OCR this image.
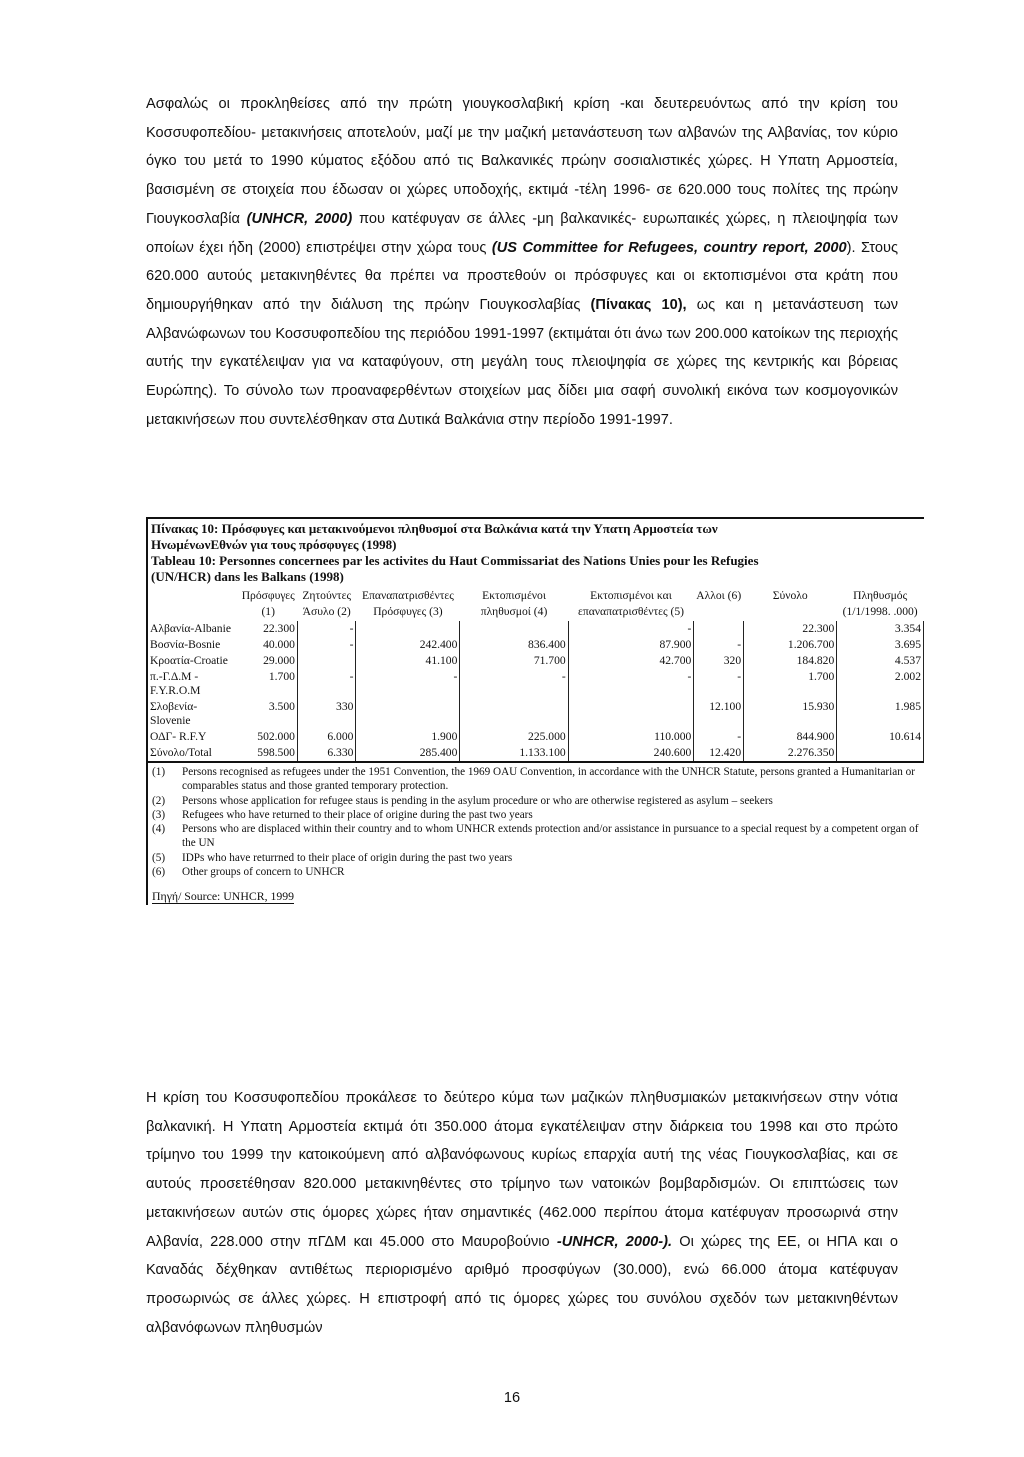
Ασφαλώς οι προκληθείσες από την πρώτη γιουγκοσλαβική κρίση -και δευτερευόντως από την κρίση του Κοσσυφοπεδίου- μετακινήσεις αποτελούν, μαζί με την μαζική μετανάστευση των αλβανών της Αλβανίας, τον κύριο όγκο του μετά το 1990 κύματος εξόδου από τις Βαλκανικές πρώην σοσιαλιστικές χώρες. Η Υπατη Αρμοστεία, βασισμένη σε στοιχεία που έδωσαν οι χώρες υποδοχής, εκτιμά -τέλη 1996- σε 620.000 τους πολίτες της πρώην Γιουγκοσλαβία (UNHCR, 2000) που κατέφυγαν σε άλλες -μη βαλκανικές- ευρωπαικές χώρες, η πλειοψηφία των οποίων έχει ήδη (2000) επιστρέψει στην χώρα τους (US Committee for Refugees, country report, 2000). Στους 620.000 αυτούς μετακινηθέντες θα πρέπει να προστεθούν οι πρόσφυγες και οι εκτοπισμένοι στα κράτη που δημιουργήθηκαν από την διάλυση της πρώην Γιουγκοσλαβίας (Πίνακας 10), ως και η μετανάστευση των Αλβανώφωνων του Κοσσυφοπεδίου της περιόδου 1991-1997 (εκτιμάται ότι άνω των 200.000 κατοίκων της περιοχής αυτής την εγκατέλειψαν για να καταφύγουν, στη μεγάλη τους πλειοψηφία σε χώρες της κεντρικής και βόρειας Ευρώπης). Το σύνολο των προαναφερθέντων στοιχείων μας δίδει μια σαφή συνολική εικόνα των κοσμογονικών μετακινήσεων που συντελέσθηκαν στα Δυτικά Βαλκάνια στην περίοδο 1991-1997.

Πίνακας 10: Πρόσφυγες και μετακινούμενοι πληθυσμοί στα Βαλκάνια κατά την Υπατη Αρμοστεία των
ΗνωμένωνΕθνών για τους πρόσφυγες (1998)
Tableau 10: Personnes concernees par les activites du Haut Commissariat des Nations Unies pour les Refugies
(UN/HCR) dans les Balkans (1998)
	Πρόσφυγες (1)	Ζητούντες Άσυλο (2)	Επαναπατρισθέντες Πρόσφυγες (3)	Εκτοπισμένοι πληθυσμοί (4)	Εκτοπισμένοι και επαναπατρισθέντες (5)	Αλλοι (6)	Σύνολο	Πληθυσμός (1/1/1998. .000)
Αλβανία-Albanie	22.300	-			-		22.300	3.354
Βοσνία-Bosnie	40.000	-	242.400	836.400	87.900	-	1.206.700	3.695
Κροατία-Croatie	29.000		41.100	71.700	42.700	320	184.820	4.537
π.-Γ.Δ.Μ - F.Y.R.O.M	1.700	-	-	-	-	-	1.700	2.002
Σλοβενία-Slovenie	3.500	330				12.100	15.930	1.985
ΟΔΓ- R.F.Y	502.000	6.000	1.900	225.000	110.000	-	844.900	10.614
Σύνολο/Total	598.500	6.330	285.400	1.133.100	240.600	12.420	2.276.350	
(1)	Persons recognised as refugees under the 1951 Convention, the 1969 OAU Convention, in accordance with the UNHCR Statute, persons granted a Humanitarian or comparables status and those granted temporary protection.
(2)	Persons whose application for refugee staus is pending in the asylum procedure or who are otherwise registered as asylum – seekers
(3)	Refugees who have returned to their place of origine during the past two years
(4)	Persons who are displaced within their country and to whom UNHCR extends protection and/or assistance in pursuance to a special request by a competent organ of the UN
(5)	IDPs who have returrned to their place of origin during the past two years
(6)	Other groups of concern to UNHCR
Πηγή/ Source: UNHCR, 1999

Η κρίση του Κοσσυφοπεδίου προκάλεσε το δεύτερο κύμα των μαζικών πληθυσμιακών μετακινήσεων στην νότια βαλκανική. Η Υπατη Αρμοστεία εκτιμά ότι 350.000 άτομα εγκατέλειψαν στην διάρκεια του 1998 και στο πρώτο τρίμηνο του 1999 την κατοικούμενη από αλβανόφωνους κυρίως επαρχία αυτή της νέας Γιουγκοσλαβίας, και σε αυτούς προσετέθησαν 820.000 μετακινηθέντες στο τρίμηνο των νατοικών βομβαρδισμών. Οι επιπτώσεις των μετακινήσεων αυτών στις όμορες χώρες ήταν σημαντικές (462.000 περίπου άτομα κατέφυγαν προσωρινά στην Αλβανία, 228.000 στην πΓΔΜ και 45.000 στο Μαυροβούνιο -UNHCR, 2000-). Οι χώρες της ΕΕ, οι ΗΠΑ και ο Καναδάς δέχθηκαν αντιθέτως περιορισμένο αριθμό προσφύγων (30.000), ενώ 66.000 άτομα κατέφυγαν προσωρινώς σε άλλες χώρες. Η επιστροφή από τις όμορες χώρες του συνόλου σχεδόν των μετακινηθέντων αλβανόφωνων πληθυσμών

16
